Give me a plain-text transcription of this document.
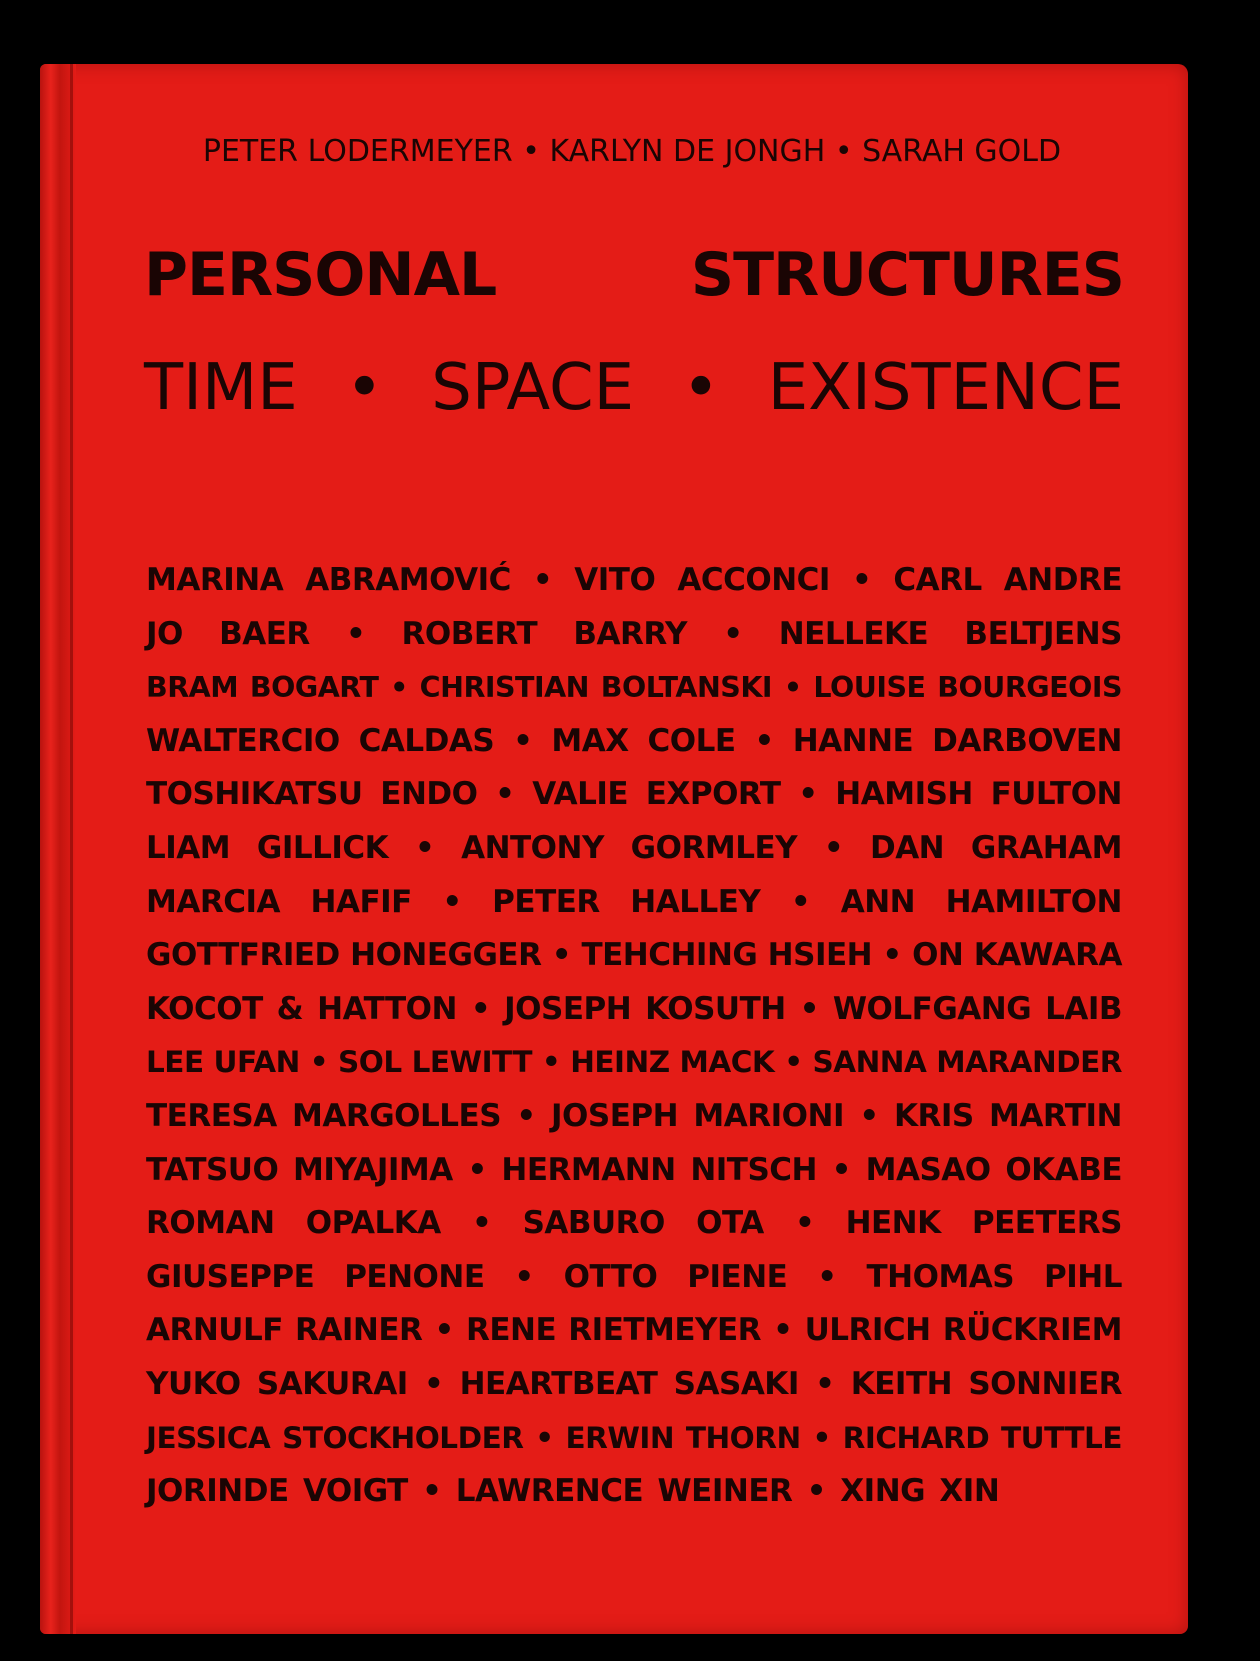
PETER LODERMEYER • KARLYN DE JONGH • SARAH GOLD
PERSONAL STRUCTURES
TIME • SPACE • EXISTENCE
MARINA ABRAMOVIĆ • VITO ACCONCI • CARL ANDRE
JO BAER • ROBERT BARRY • NELLEKE BELTJENS
BRAM BOGART • CHRISTIAN BOLTANSKI • LOUISE BOURGEOIS
WALTERCIO CALDAS • MAX COLE • HANNE DARBOVEN
TOSHIKATSU ENDO • VALIE EXPORT • HAMISH FULTON
LIAM GILLICK • ANTONY GORMLEY • DAN GRAHAM
MARCIA HAFIF • PETER HALLEY • ANN HAMILTON
GOTTFRIED HONEGGER • TEHCHING HSIEH • ON KAWARA
KOCOT & HATTON • JOSEPH KOSUTH • WOLFGANG LAIB
LEE UFAN • SOL LEWITT • HEINZ MACK • SANNA MARANDER
TERESA MARGOLLES • JOSEPH MARIONI • KRIS MARTIN
TATSUO MIYAJIMA • HERMANN NITSCH • MASAO OKABE
ROMAN OPALKA • SABURO OTA • HENK PEETERS
GIUSEPPE PENONE • OTTO PIENE • THOMAS PIHL
ARNULF RAINER • RENE RIETMEYER • ULRICH RÜCKRIEM
YUKO SAKURAI • HEARTBEAT SASAKI • KEITH SONNIER
JESSICA STOCKHOLDER • ERWIN THORN • RICHARD TUTTLE
JORINDE VOIGT • LAWRENCE WEINER • XING XIN
